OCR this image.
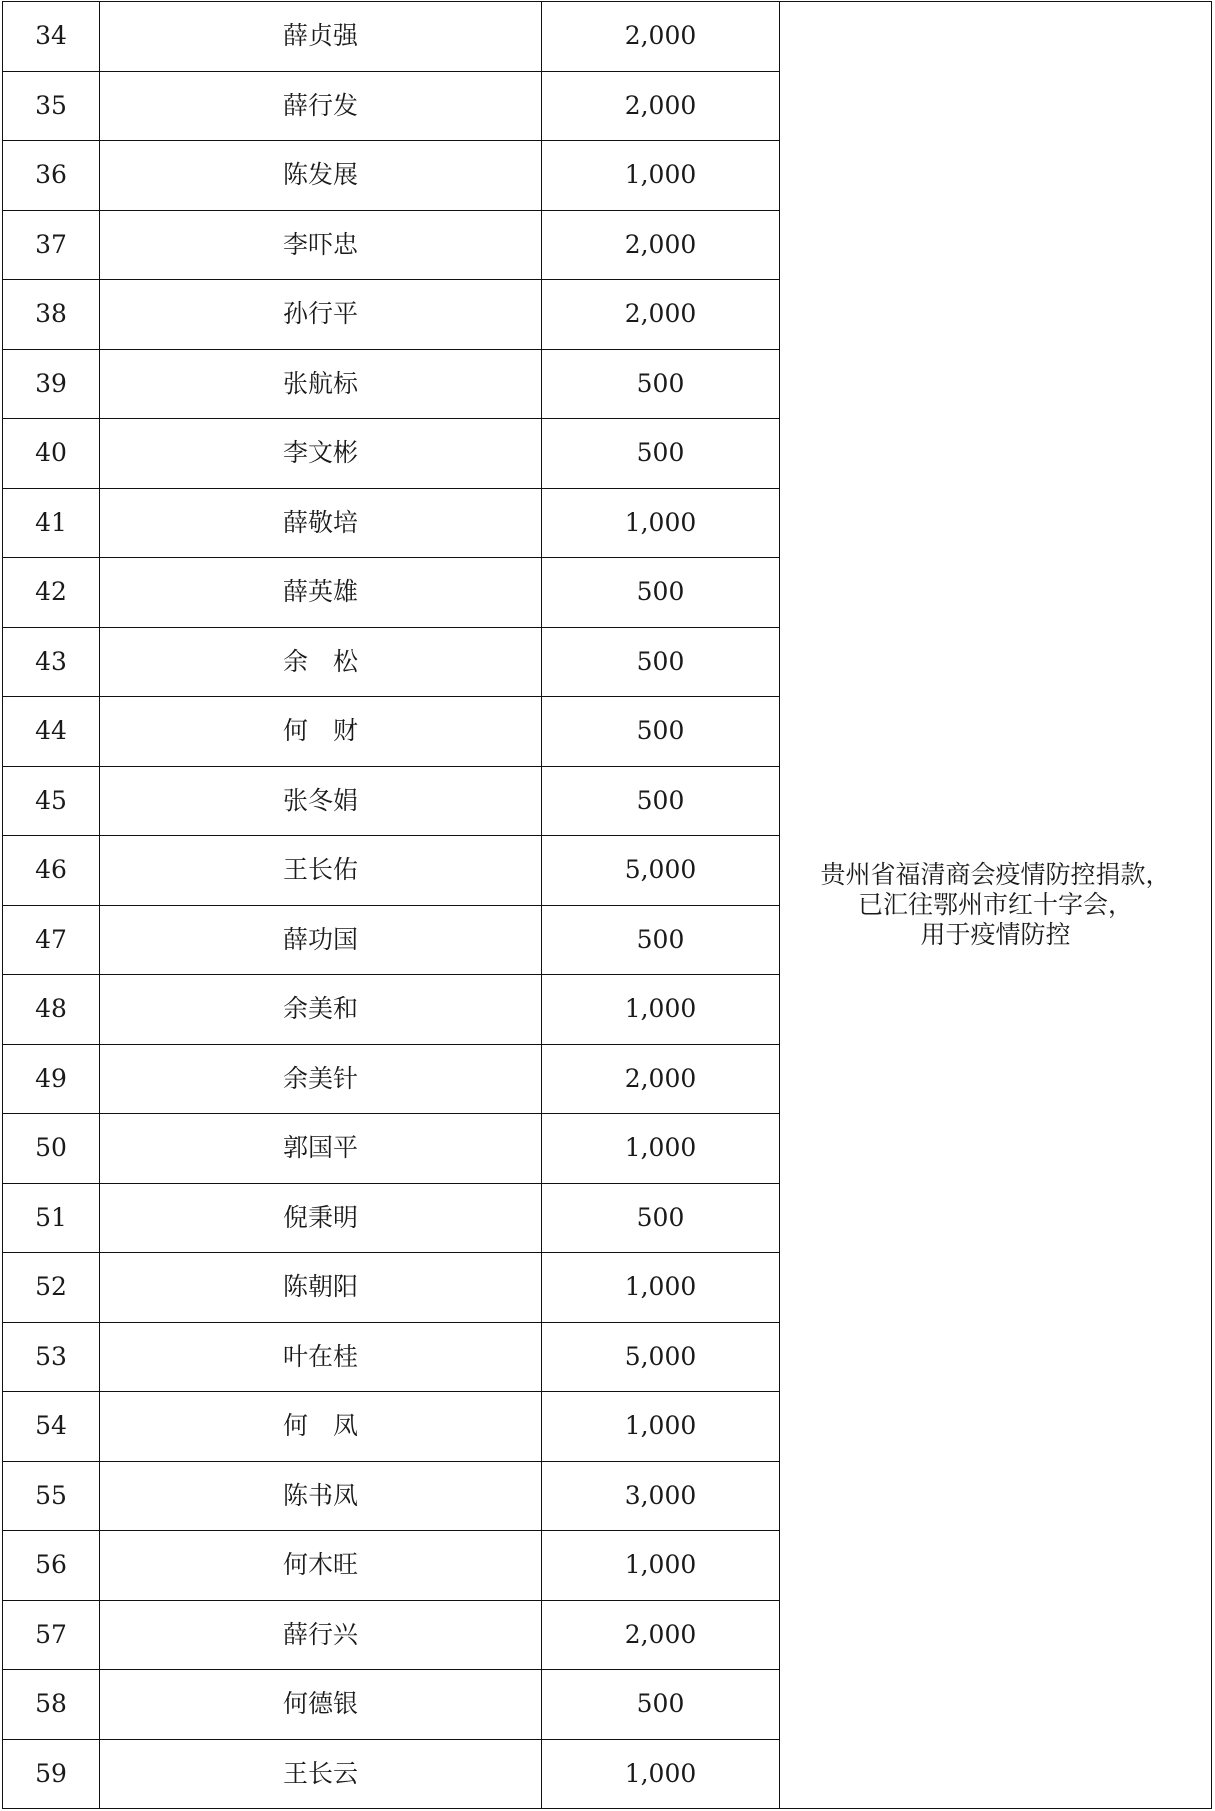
34	薛贞强	2,000	贵州省福清商会疫情防控捐款，
已汇往鄂州市红十字会，
用于疫情防控

35	薛行发	2,000	
36	陈发展	1,000	
37	李吓忠	2,000	
38	孙行平	2,000	
39	张航标	500	
40	李文彬	500	
41	薛敬培	1,000	
42	薛英雄	500	
43	余　松	500	
44	何　财	500	
45	张冬娟	500	
46	王长佑	5,000	
47	薛功国	500	
48	余美和	1,000	
49	余美针	2,000	
50	郭国平	1,000	
51	倪秉明	500	
52	陈朝阳	1,000	
53	叶在桂	5,000	
54	何　凤	1,000	
55	陈书凤	3,000	
56	何木旺	1,000	
57	薛行兴	2,000	
58	何德银	500	
59	王长云	1,000	
